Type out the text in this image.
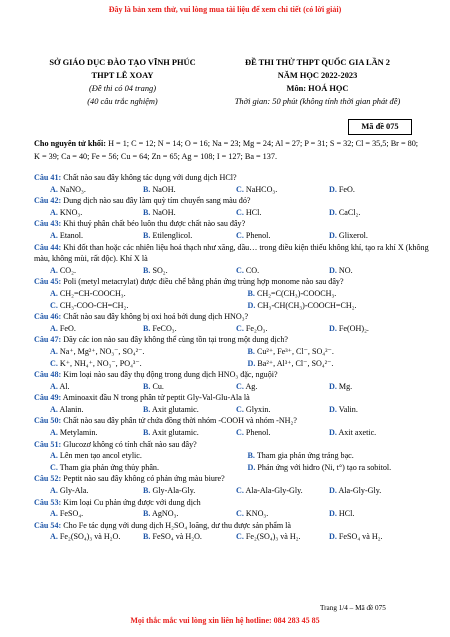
Đây là bản xem thử, vui lòng mua tài liệu để xem chi tiết (có lời giải)
SỞ GIÁO DỤC ĐÀO TẠO VĨNH PHÚC
THPT LÊ XOAY
(Đề thi có 04 trang)
(40 câu trắc nghiệm)
ĐỀ THI THỬ THPT QUỐC GIA LẦN 2
NĂM HỌC 2022-2023
Môn: HOÁ HỌC
Thời gian: 50 phút (không tính thời gian phát đề)
Mã đề 075
Cho nguyên tử khối: H = 1; C = 12; N = 14; O = 16; Na = 23; Mg = 24; Al = 27; P = 31; S = 32; Cl = 35,5; Br = 80; K = 39; Ca = 40; Fe = 56; Cu = 64; Zn = 65; Ag = 108; I = 127; Ba = 137.
Câu 41: Chất nào sau đây không tác dụng với dung dịch HCl?
A. NaNO₃.	B. NaOH.	C. NaHCO₃.	D. FeO.
Câu 42: Dung dịch nào sau đây làm quỳ tím chuyển sang màu đỏ?
A. KNO₃.	B. NaOH.	C. HCl.	D. CaCl₂.
Câu 43: Khi thuỷ phân chất béo luôn thu được chất nào sau đây?
A. Etanol.	B. Etilenglicol.	C. Phenol.	D. Glixerol.
Câu 44: Khi đốt than hoặc các nhiên liệu hoá thạch như xăng, dầu… trong điều kiện thiếu không khí, tạo ra khí X (không màu, không mùi, rất độc). Khí X là
A. CO₂.	B. SO₂.	C. CO.	D. NO.
Câu 45: Poli (metyl metacrylat) được điều chế bằng phản ứng trùng hợp monome nào sau đây?
A. CH₂=CH-COOCH₃.	B. CH₂=C(CH₃)-COOCH₃.
C. CH₃-COO-CH=CH₂.	D. CH₃-CH(CH₃)-COOCH=CH₂.
Câu 46: Chất nào sau đây không bị oxi hoá bởi dung dịch HNO₃?
A. FeO.	B. FeCO₃.	C. Fe₂O₃.	D. Fe(OH)₂.
Câu 47: Dãy các ion nào sau đây không thể cùng tồn tại trong một dung dịch?
A. Na⁺, Mg²⁺, NO₃⁻, SO₄²⁻.	B. Cu²⁺, Fe³⁺, Cl⁻, SO₄²⁻.
C. K⁺, NH₄⁺, NO₃⁻, PO₄³⁻.	D. Ba²⁺, Al³⁺, Cl⁻, SO₄²⁻.
Câu 48: Kim loại nào sau đây thụ động trong dung dịch HNO₃ đặc, nguội?
A. Al.	B. Cu.	C. Ag.	D. Mg.
Câu 49: Aminoaxit đầu N trong phân tử peptit Gly-Val-Glu-Ala là
A. Alanin.	B. Axit glutamic.	C. Glyxin.	D. Valin.
Câu 50: Chất nào sau đây phân tử chứa đồng thời nhóm -COOH và nhóm -NH₂?
A. Metylamin.	B. Axit glutamic.	C. Phenol.	D. Axit axetic.
Câu 51: Glucozơ không có tính chất nào sau đây?
A. Lên men tạo ancol etylic.	B. Tham gia phản ứng tráng bạc.
C. Tham gia phản ứng thủy phân.	D. Phản ứng với hiđro (Ni, t°) tạo ra sobitol.
Câu 52: Peptit nào sau đây không có phản ứng màu biure?
A. Gly-Ala.	B. Gly-Ala-Gly.	C. Ala-Ala-Gly-Gly.	D. Ala-Gly-Gly.
Câu 53: Kim loại Cu phản ứng được với dung dịch
A. FeSO₄.	B. AgNO₃.	C. KNO₃.	D. HCl.
Câu 54: Cho Fe tác dụng với dung dịch H₂SO₄ loãng, dư thu được sản phẩm là
A. Fe₂(SO₄)₃ và H₂O.	B. FeSO₄ và H₂O.	C. Fe₂(SO₄)₃ và H₂.	D. FeSO₄ và H₂.
Trang 1/4 – Mã đề 075
Mọi thắc mắc vui lòng xin liên hệ hotline: 084 283 45 85
